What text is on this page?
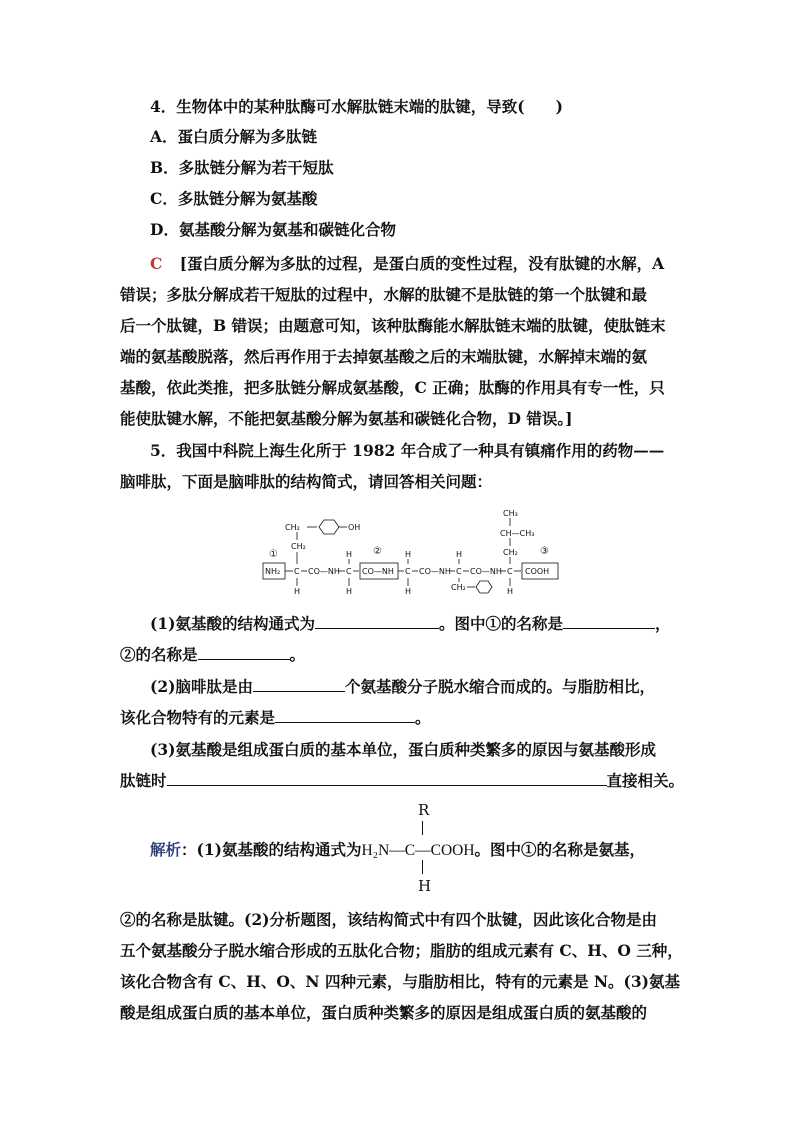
4．生物体中的某种肽酶可水解肽链末端的肽键，导致(　　)
A．蛋白质分解为多肽链
B．多肽链分解为若干短肽
C．多肽链分解为氨基酸
D．氨基酸分解为氨基和碳链化合物
C [蛋白质分解为多肽的过程，是蛋白质的变性过程，没有肽键的水解，A
错误；多肽分解成若干短肽的过程中，水解的肽键不是肽链的第一个肽键和最
后一个肽键，B 错误；由题意可知，该种肽酶能水解肽链末端的肽键，使肽链末
端的氨基酸脱落，然后再作用于去掉氨基酸之后的末端肽键，水解掉末端的氨
基酸，依此类推，把多肽链分解成氨基酸，C 正确；肽酶的作用具有专一性，只
能使肽键水解，不能把氨基酸分解为氨基和碳链化合物，D 错误。]
5．我国中科院上海生化所于 1982 年合成了一种具有镇痛作用的药物——
脑啡肽，下面是脑啡肽的结构简式，请回答相关问题：
NH₂
①
C
H
CH₂
CH₂	OH
CO—NH C
H
H
CO—NH
②
C
H
H
CO—NH C
H
CH₂
CO—NH C
H
CH₂
CH—CH₃
CH₃
③
COOH
(1)氨基酸的结构通式为	。图中①的名称是	，
②的名称是	。
(2)脑啡肽是由	个氨基酸分子脱水缩合而成的。与脂肪相比，
该化合物特有的元素是	。
(3)氨基酸是组成蛋白质的基本单位，蛋白质种类繁多的原因与氨基酸形成
肽链时	直接相关。
R
解析：(1)氨基酸的结构通式为H₂N—C—COOH。图中①的名称是氨基，
H
②的名称是肽键。(2)分析题图，该结构简式中有四个肽键，因此该化合物是由
五个氨基酸分子脱水缩合形成的五肽化合物；脂肪的组成元素有 C、H、O 三种，
该化合物含有 C、H、O、N 四种元素，与脂肪相比，特有的元素是 N。(3)氨基
酸是组成蛋白质的基本单位，蛋白质种类繁多的原因是组成蛋白质的氨基酸的
